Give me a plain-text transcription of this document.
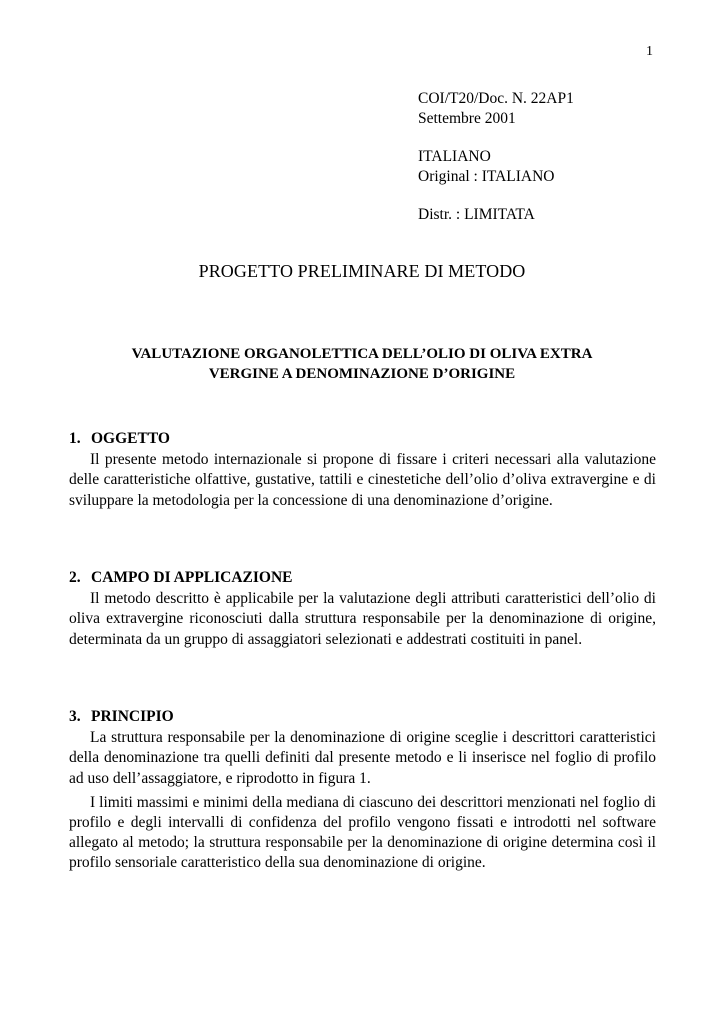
1
COI/T20/Doc. N. 22AP1
Settembre 2001
ITALIANO
Original : ITALIANO
Distr. : LIMITATA
PROGETTO PRELIMINARE DI METODO
VALUTAZIONE ORGANOLETTICA DELL’OLIO DI OLIVA EXTRA
VERGINE A DENOMINAZIONE D’ORIGINE
1. OGGETTO

Il presente metodo internazionale si propone di fissare i criteri necessari alla valutazione delle caratteristiche olfattive, gustative, tattili e cinestetiche dell’olio d’oliva extravergine e di sviluppare la metodologia per la concessione di una denominazione d’origine.

2. CAMPO DI APPLICAZIONE

Il metodo descritto è applicabile per la valutazione degli attributi caratteristici dell’olio di oliva extravergine riconosciuti dalla struttura responsabile per la denominazione di origine, determinata da un gruppo di assaggiatori selezionati e addestrati costituiti in panel.

3. PRINCIPIO

La struttura responsabile per la denominazione di origine sceglie i descrittori caratteristici della denominazione tra quelli definiti dal presente metodo e li inserisce nel foglio di profilo ad uso dell’assaggiatore, e riprodotto in figura 1.

I limiti massimi e minimi della mediana di ciascuno dei descrittori menzionati nel foglio di profilo e degli intervalli di confidenza del profilo vengono fissati e introdotti nel software allegato al metodo; la struttura responsabile per la denominazione di origine determina così il profilo sensoriale caratteristico della sua denominazione di origine.
